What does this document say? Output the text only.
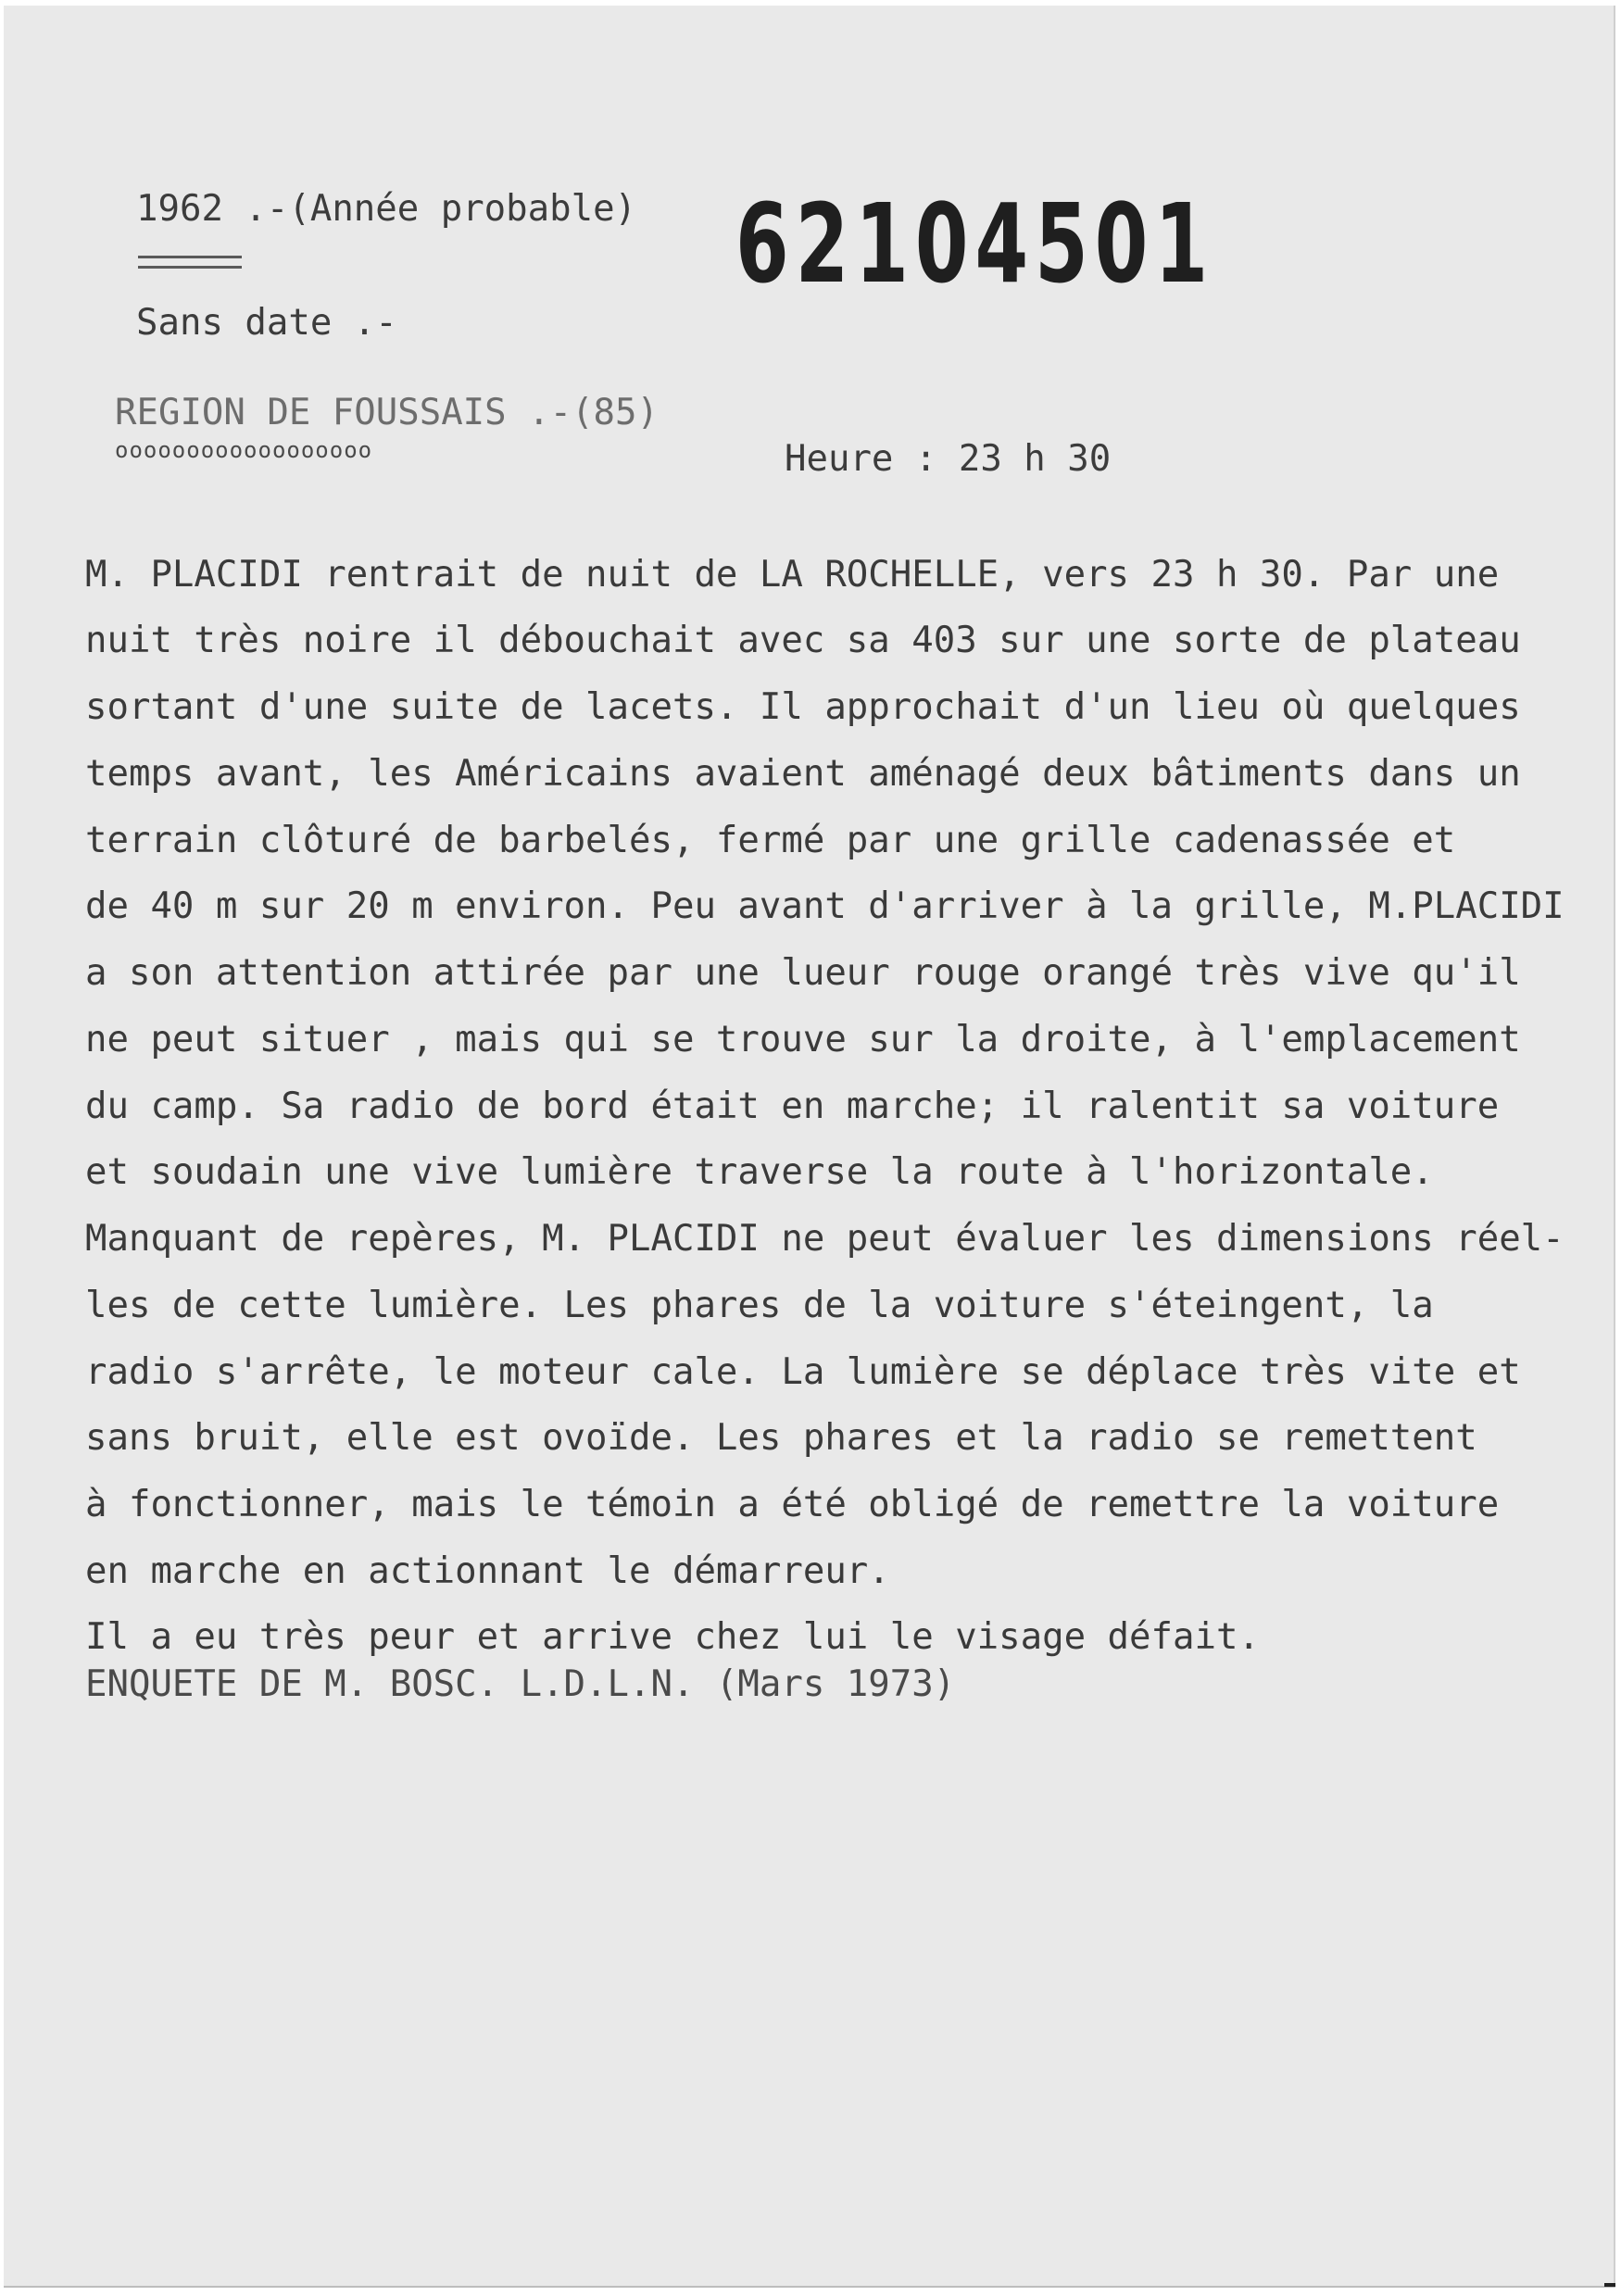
1962 .-(Année probable)
Sans date .-
REGION DE FOUSSAIS .-(85)
oooooooooooooooooo
62104501
Heure : 23 h 30
M. PLACIDI rentrait de nuit de LA ROCHELLE, vers 23 h 30. Par une
nuit très noire il débouchait avec sa 403 sur une sorte de plateau
sortant d'une suite de lacets. Il approchait d'un lieu où quelques
temps avant, les Américains avaient aménagé deux bâtiments dans un
terrain clôturé de barbelés, fermé par une grille cadenassée et
de 40 m sur 20 m environ. Peu avant d'arriver à la grille, M.PLACIDI
a son attention attirée par une lueur rouge orangé très vive qu'il
ne peut situer , mais qui se trouve sur la droite, à l'emplacement
du camp. Sa radio de bord était en marche; il ralentit sa voiture
et soudain une vive lumière traverse la route à l'horizontale.
Manquant de repères, M. PLACIDI ne peut évaluer les dimensions réel-
les de cette lumière. Les phares de la voiture s'éteingent, la
radio s'arrête, le moteur cale. La lumière se déplace très vite et
sans bruit, elle est ovoïde. Les phares et la radio se remettent
à fonctionner, mais le témoin a été obligé de remettre la voiture
en marche en actionnant le démarreur.
Il a eu très peur et arrive chez lui le visage défait.
ENQUETE DE M. BOSC. L.D.L.N. (Mars 1973)
